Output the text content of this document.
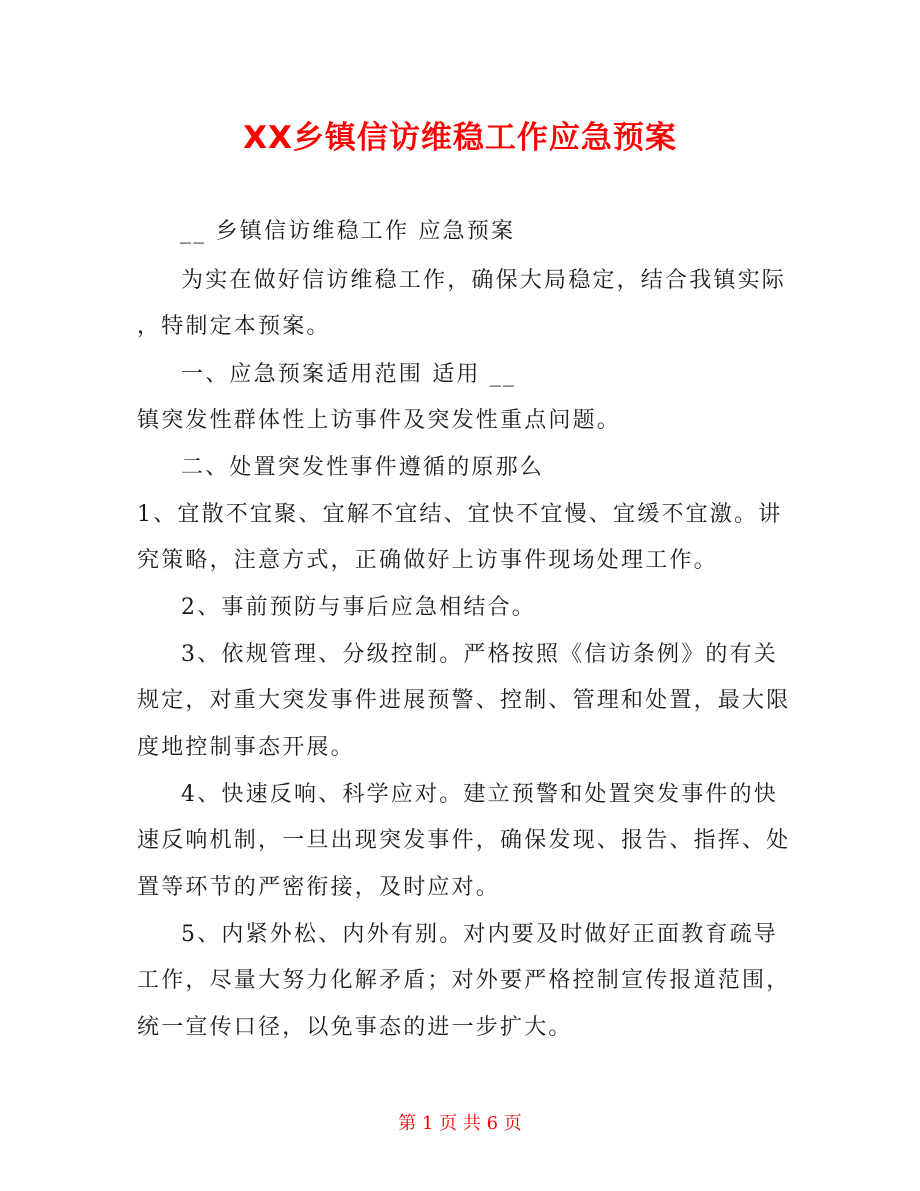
XX乡镇信访维稳工作应急预案
__ 乡镇信访维稳工作 应急预案
为实在做好信访维稳工作，确保大局稳定，结合我镇实际
，特制定本预案。
一、应急预案适用范围 适用 __
镇突发性群体性上访事件及突发性重点问题。
二、处置突发性事件遵循的原那么
1、宜散不宜聚、宜解不宜结、宜快不宜慢、宜缓不宜激。讲
究策略，注意方式，正确做好上访事件现场处理工作。
2、事前预防与事后应急相结合。
3、依规管理、分级控制。严格按照《信访条例》的有关
规定，对重大突发事件进展预警、控制、管理和处置，最大限
度地控制事态开展。
4、快速反响、科学应对。建立预警和处置突发事件的快
速反响机制，一旦出现突发事件，确保发现、报告、指挥、处
置等环节的严密衔接，及时应对。
5、内紧外松、内外有别。对内要及时做好正面教育疏导
工作，尽量大努力化解矛盾；对外要严格控制宣传报道范围，
统一宣传口径，以免事态的进一步扩大。
第 1 页 共 6 页
